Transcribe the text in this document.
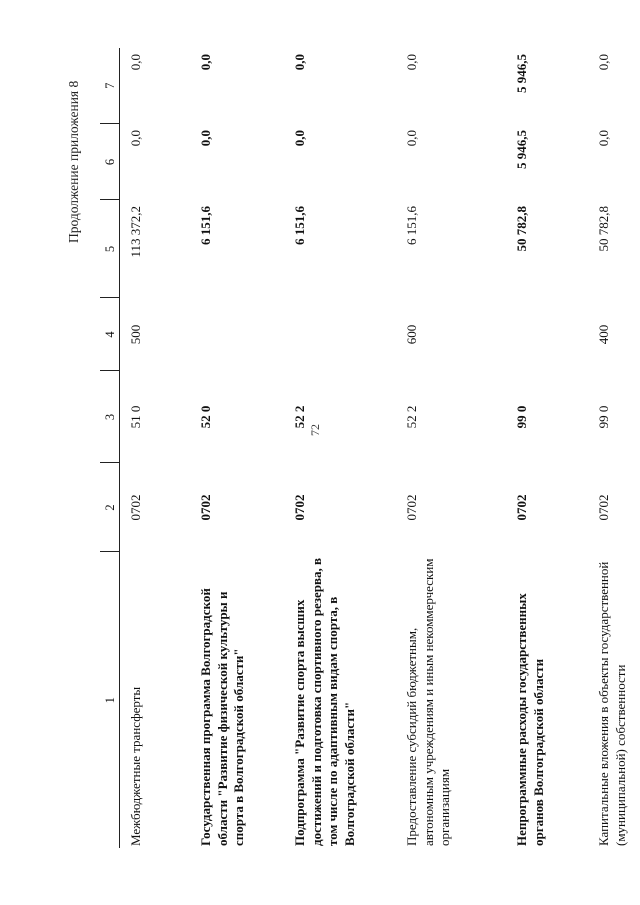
72
Продолжение приложения 8
1	2	3	4	5	6	7
Межбюджетные трансферты	0702	51 0	500	113 372,2	0,0	0,0
Государственная программа Волгоградской области "Развитие физической культуры и спорта в Волгоградской области"	0702	52 0		6 151,6	0,0	0,0
Подпрограмма "Развитие спорта высших достижений и подготовка спортивного резерва, в том числе по адаптивным видам спорта, в Волгоградской области"	0702	52 2		6 151,6	0,0	0,0
Предоставление субсидий бюджетным, автономным учреждениям и иным некоммерческим организациям	0702	52 2	600	6 151,6	0,0	0,0
Непрограммные расходы государственных органов Волгоградской области	0702	99 0		50 782,8	5 946,5	5 946,5
Капитальные вложения в объекты государственной (муниципальной) собственности	0702	99 0	400	50 782,8	0,0	0,0
